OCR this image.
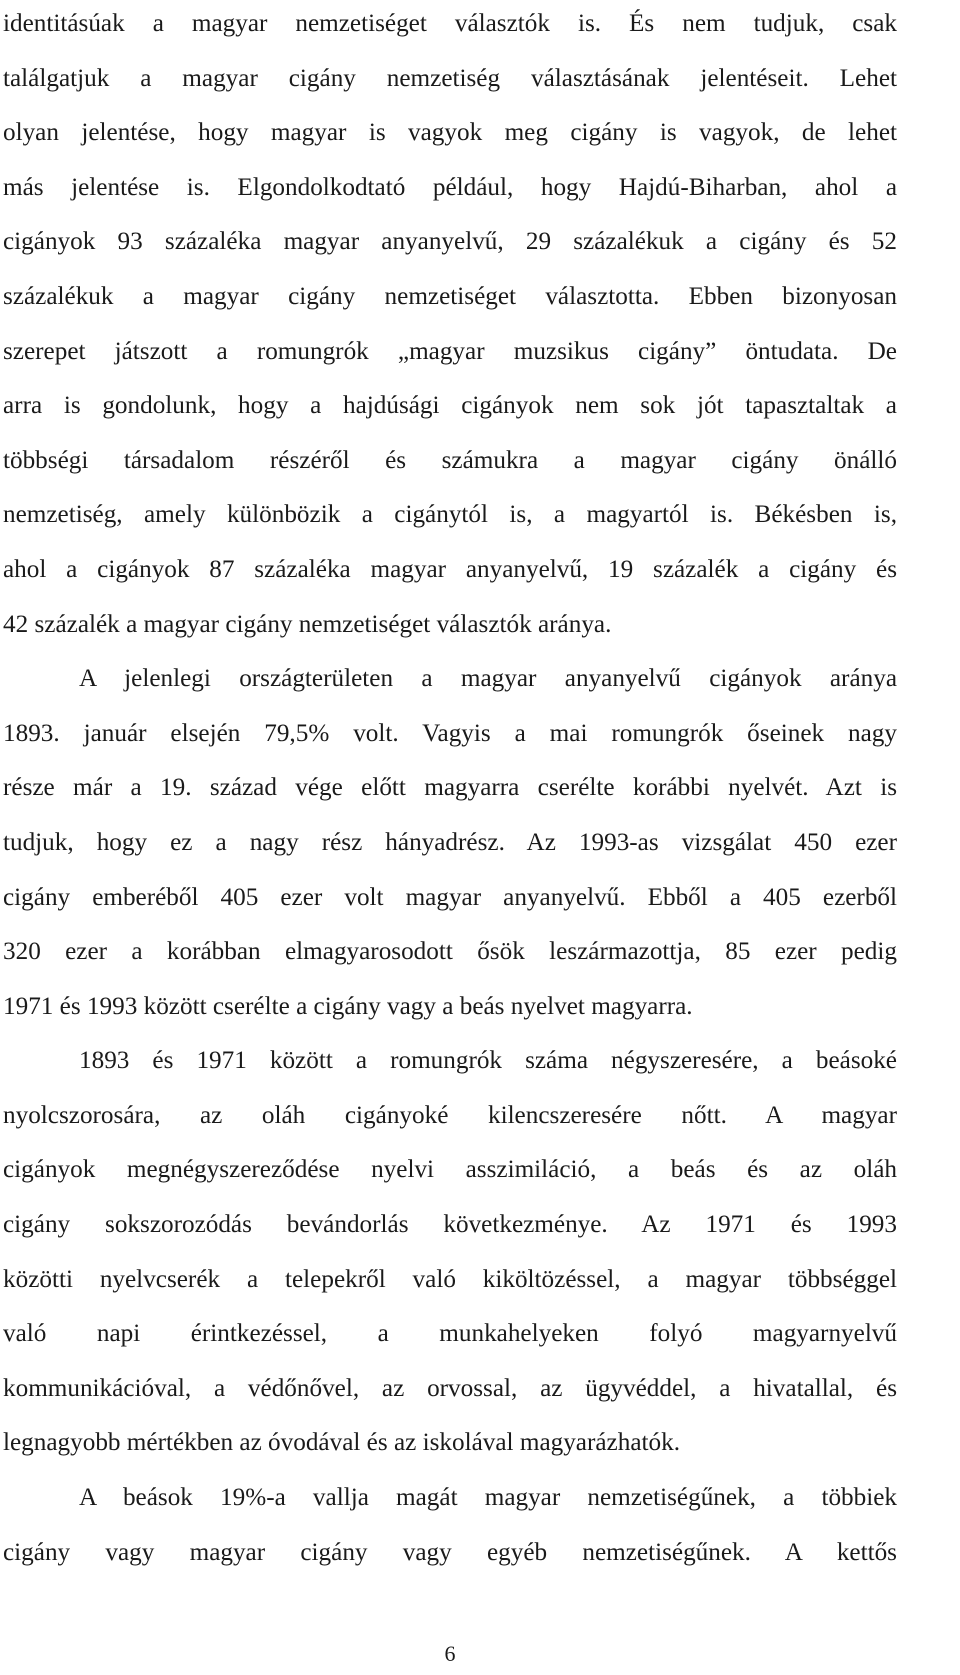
identitásúak a magyar nemzetiséget választók is. És nem tudjuk, csak
találgatjuk a magyar cigány nemzetiség választásának jelentéseit. Lehet
olyan jelentése, hogy magyar is vagyok meg cigány is vagyok, de lehet
más jelentése is. Elgondolkodtató például, hogy Hajdú-Biharban, ahol a
cigányok 93 százaléka magyar anyanyelvű, 29 százalékuk a cigány és 52
százalékuk a magyar cigány nemzetiséget választotta. Ebben bizonyosan
szerepet játszott a romungrók „magyar muzsikus cigány” öntudata. De
arra is gondolunk, hogy a hajdúsági cigányok nem sok jót tapasztaltak a
többségi társadalom részéről és számukra a magyar cigány önálló
nemzetiség, amely különbözik a cigánytól is, a magyartól is. Békésben is,
ahol a cigányok 87 százaléka magyar anyanyelvű, 19 százalék a cigány és
42 százalék a magyar cigány nemzetiséget választók aránya.
A jelenlegi országterületen a magyar anyanyelvű cigányok aránya
1893. január elsején 79,5% volt. Vagyis a mai romungrók őseinek nagy
része már a 19. század vége előtt magyarra cserélte korábbi nyelvét. Azt is
tudjuk, hogy ez a nagy rész hányadrész. Az 1993-as vizsgálat 450 ezer
cigány emberéből 405 ezer volt magyar anyanyelvű. Ebből a 405 ezerből
320 ezer a korábban elmagyarosodott ősök leszármazottja, 85 ezer pedig
1971 és 1993 között cserélte a cigány vagy a beás nyelvet magyarra.
1893 és 1971 között a romungrók száma négyszeresére, a beásoké
nyolcszorosára, az oláh cigányoké kilencszeresére nőtt. A magyar
cigányok megnégyszereződése nyelvi asszimiláció, a beás és az oláh
cigány sokszorozódás bevándorlás következménye. Az 1971 és 1993
közötti nyelvcserék a telepekről való kiköltözéssel, a magyar többséggel
való napi érintkezéssel, a munkahelyeken folyó magyarnyelvű
kommunikációval, a védőnővel, az orvossal, az ügyvéddel, a hivatallal, és
legnagyobb mértékben az óvodával és az iskolával magyarázhatók.
A beások 19%-a vallja magát magyar nemzetiségűnek, a többiek
cigány vagy magyar cigány vagy egyéb nemzetiségűnek. A kettős
6
